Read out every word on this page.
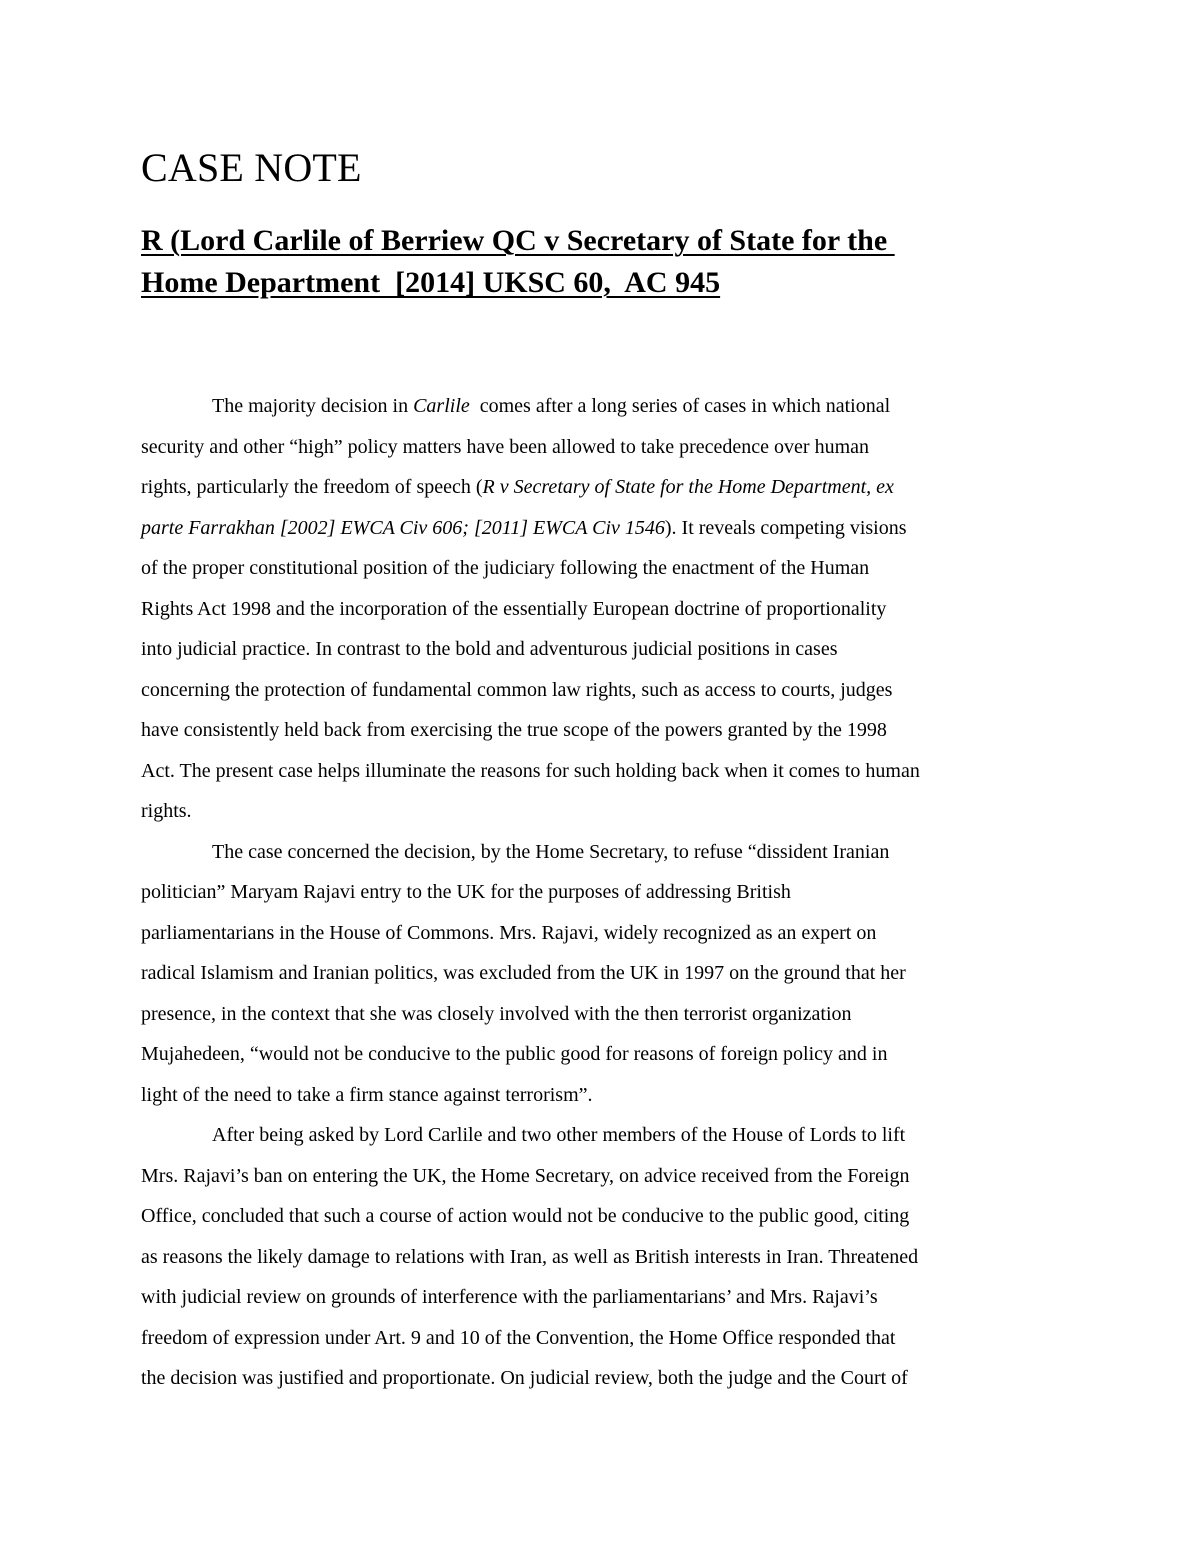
CASE NOTE
R (Lord Carlile of Berriew QC v Secretary of State for the
Home Department  [2014] UKSC 60,  AC 945
The majority decision in Carlile  comes after a long series of cases in which national
security and other “high” policy matters have been allowed to take precedence over human
rights, particularly the freedom of speech (R v Secretary of State for the Home Department, ex
parte Farrakhan [2002] EWCA Civ 606; [2011] EWCA Civ 1546). It reveals competing visions
of the proper constitutional position of the judiciary following the enactment of the Human
Rights Act 1998 and the incorporation of the essentially European doctrine of proportionality
into judicial practice. In contrast to the bold and adventurous judicial positions in cases
concerning the protection of fundamental common law rights, such as access to courts, judges
have consistently held back from exercising the true scope of the powers granted by the 1998
Act. The present case helps illuminate the reasons for such holding back when it comes to human
rights.
The case concerned the decision, by the Home Secretary, to refuse “dissident Iranian
politician” Maryam Rajavi entry to the UK for the purposes of addressing British
parliamentarians in the House of Commons. Mrs. Rajavi, widely recognized as an expert on
radical Islamism and Iranian politics, was excluded from the UK in 1997 on the ground that her
presence, in the context that she was closely involved with the then terrorist organization
Mujahedeen, “would not be conducive to the public good for reasons of foreign policy and in
light of the need to take a firm stance against terrorism”.
After being asked by Lord Carlile and two other members of the House of Lords to lift
Mrs. Rajavi’s ban on entering the UK, the Home Secretary, on advice received from the Foreign
Office, concluded that such a course of action would not be conducive to the public good, citing
as reasons the likely damage to relations with Iran, as well as British interests in Iran. Threatened
with judicial review on grounds of interference with the parliamentarians’ and Mrs. Rajavi’s
freedom of expression under Art. 9 and 10 of the Convention, the Home Office responded that
the decision was justified and proportionate. On judicial review, both the judge and the Court of
